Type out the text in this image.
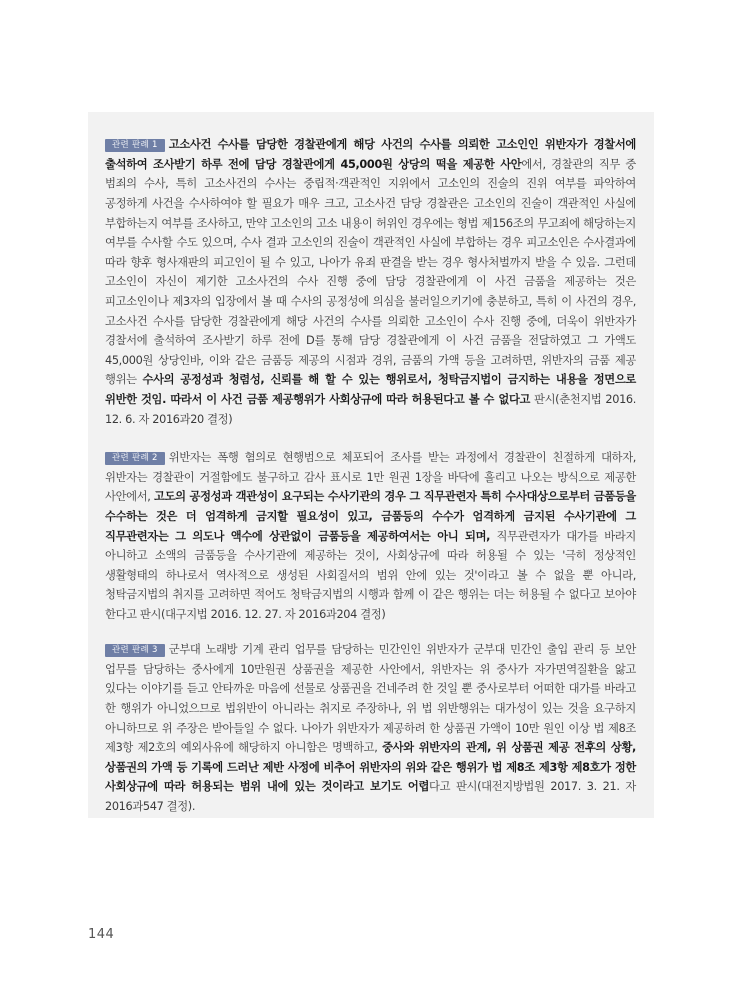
관련 판례 1 고소사건 수사를 담당한 경찰관에게 해당 사건의 수사를 의뢰한 고소인인 위반자가 경찰서에 출석하여 조사받기 하루 전에 담당 경찰관에게 45,000원 상당의 떡을 제공한 사안에서, 경찰관의 직무 중 범죄의 수사, 특히 고소사건의 수사는 중립적·객관적인 지위에서 고소인의 진술의 진위 여부를 파악하여 공정하게 사건을 수사하여야 할 필요가 매우 크고, 고소사건 담당 경찰관은 고소인의 진술이 객관적인 사실에 부합하는지 여부를 조사하고, 만약 고소인의 고소 내용이 허위인 경우에는 형법 제156조의 무고죄에 해당하는지 여부를 수사할 수도 있으며, 수사 결과 고소인의 진술이 객관적인 사실에 부합하는 경우 피고소인은 수사결과에 따라 향후 형사재판의 피고인이 될 수 있고, 나아가 유죄 판결을 받는 경우 형사처벌까지 받을 수 있음. 그런데 고소인이 자신이 제기한 고소사건의 수사 진행 중에 담당 경찰관에게 이 사건 금품을 제공하는 것은 피고소인이나 제3자의 입장에서 볼 때 수사의 공정성에 의심을 불러일으키기에 충분하고, 특히 이 사건의 경우, 고소사건 수사를 담당한 경찰관에게 해당 사건의 수사를 의뢰한 고소인이 수사 진행 중에, 더욱이 위반자가 경찰서에 출석하여 조사받기 하루 전에 D를 통해 담당 경찰관에게 이 사건 금품을 전달하였고 그 가액도 45,000원 상당인바, 이와 같은 금품등 제공의 시점과 경위, 금품의 가액 등을 고려하면, 위반자의 금품 제공 행위는 수사의 공정성과 청렴성, 신뢰를 해 할 수 있는 행위로서, 청탁금지법이 금지하는 내용을 정면으로 위반한 것임. 따라서 이 사건 금품 제공행위가 사회상규에 따라 허용된다고 볼 수 없다고 판시(춘천지법 2016. 12. 6. 자 2016과20 결정)

관련 판례 2 위반자는 폭행 혐의로 현행범으로 체포되어 조사를 받는 과정에서 경찰관이 친절하게 대하자, 위반자는 경찰관이 거절함에도 불구하고 감사 표시로 1만 원권 1장을 바닥에 흘리고 나오는 방식으로 제공한 사안에서, 고도의 공정성과 객관성이 요구되는 수사기관의 경우 그 직무관련자 특히 수사대상으로부터 금품등을 수수하는 것은 더 엄격하게 금지할 필요성이 있고, 금품등의 수수가 엄격하게 금지된 수사기관에 그 직무관련자는 그 의도나 액수에 상관없이 금품등을 제공하여서는 아니 되며, 직무관련자가 대가를 바라지 아니하고 소액의 금품등을 수사기관에 제공하는 것이, 사회상규에 따라 허용될 수 있는 '극히 정상적인 생활형태의 하나로서 역사적으로 생성된 사회질서의 범위 안에 있는 것'이라고 볼 수 없을 뿐 아니라, 청탁금지법의 취지를 고려하면 적어도 청탁금지법의 시행과 함께 이 같은 행위는 더는 허용될 수 없다고 보아야 한다고 판시(대구지법 2016. 12. 27. 자 2016과204 결정)

관련 판례 3 군부대 노래방 기계 관리 업무를 담당하는 민간인인 위반자가 군부대 민간인 출입 관리 등 보안 업무를 담당하는 중사에게 10만원권 상품권을 제공한 사안에서, 위반자는 위 중사가 자가면역질환을 앓고 있다는 이야기를 듣고 안타까운 마음에 선물로 상품권을 건네주려 한 것일 뿐 중사로부터 어떠한 대가를 바라고 한 행위가 아니었으므로 법위반이 아니라는 취지로 주장하나, 위 법 위반행위는 대가성이 있는 것을 요구하지 아니하므로 위 주장은 받아들일 수 없다. 나아가 위반자가 제공하려 한 상품권 가액이 10만 원인 이상 법 제8조 제3항 제2호의 예외사유에 해당하지 아니함은 명백하고, 중사와 위반자의 관계, 위 상품권 제공 전후의 상황, 상품권의 가액 등 기록에 드러난 제반 사정에 비추어 위반자의 위와 같은 행위가 법 제8조 제3항 제8호가 정한 사회상규에 따라 허용되는 범위 내에 있는 것이라고 보기도 어렵다고 판시(대전지방법원 2017. 3. 21. 자 2016과547 결정).

144
